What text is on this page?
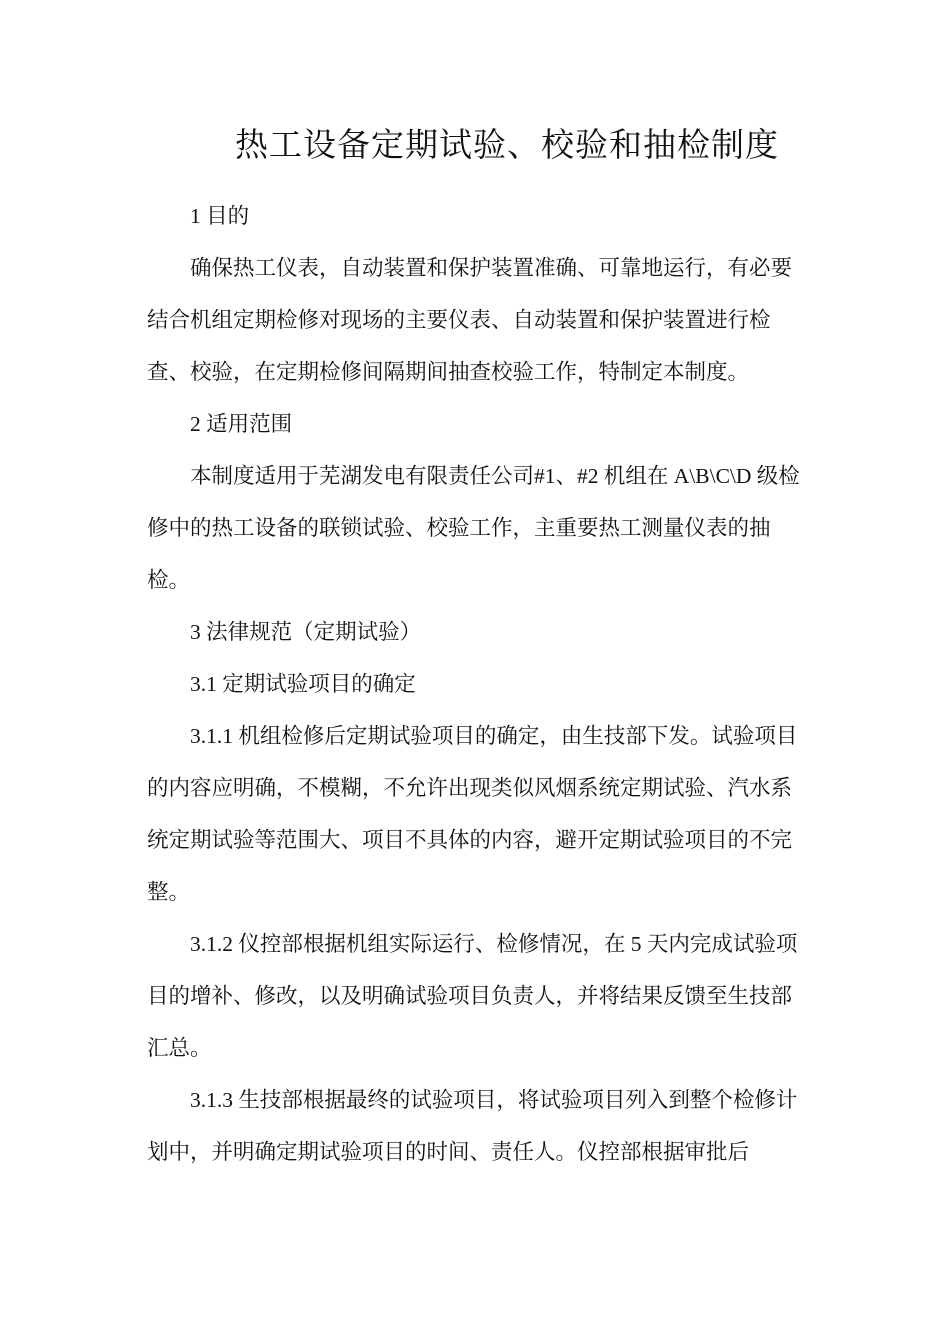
热工设备定期试验、校验和抽检制度

1 目的

确保热工仪表，自动装置和保护装置准确、可靠地运行，有必要结合机组定期检修对现场的主要仪表、自动装置和保护装置进行检查、校验，在定期检修间隔期间抽查校验工作，特制定本制度。

2 适用范围

本制度适用于芜湖发电有限责任公司#1、#2 机组在 A\B\C\D 级检修中的热工设备的联锁试验、校验工作，主重要热工测量仪表的抽检。

3 法律规范（定期试验）

3.1 定期试验项目的确定

3.1.1 机组检修后定期试验项目的确定，由生技部下发。试验项目的内容应明确，不模糊，不允许出现类似风烟系统定期试验、汽水系统定期试验等范围大、项目不具体的内容，避开定期试验项目的不完整。

3.1.2 仪控部根据机组实际运行、检修情况，在 5 天内完成试验项目的增补、修改，以及明确试验项目负责人，并将结果反馈至生技部汇总。

3.1.3 生技部根据最终的试验项目，将试验项目列入到整个检修计划中，并明确定期试验项目的时间、责任人。仪控部根据审批后
